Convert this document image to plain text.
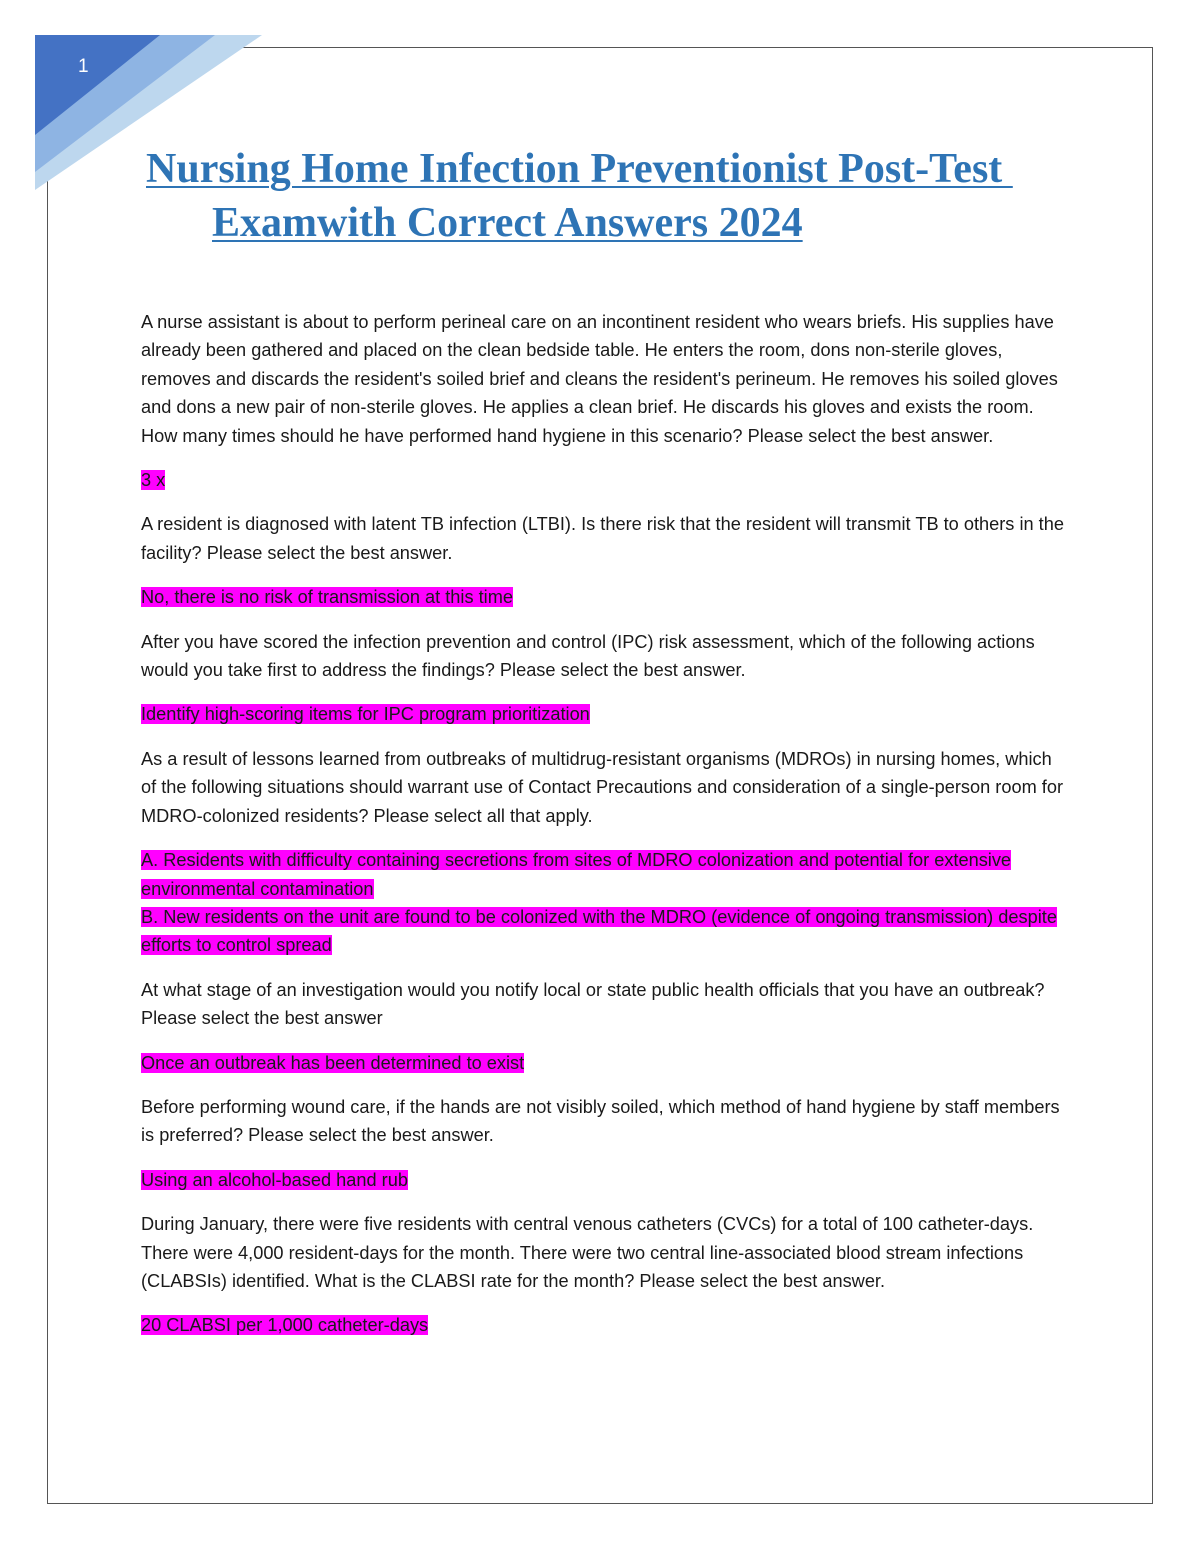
1
Nursing Home Infection Preventionist Post-Test
Examwith Correct Answers 2024

A nurse assistant is about to perform perineal care on an incontinent resident who wears briefs. His supplies have already been gathered and placed on the clean bedside table. He enters the room, dons non-sterile gloves, removes and discards the resident's soiled brief and cleans the resident's perineum. He removes his soiled gloves and dons a new pair of non-sterile gloves. He applies a clean brief. He discards his gloves and exists the room. How many times should he have performed hand hygiene in this scenario? Please select the best answer.

3 x

A resident is diagnosed with latent TB infection (LTBI). Is there risk that the resident will transmit TB to others in the facility? Please select the best answer.

No, there is no risk of transmission at this time

After you have scored the infection prevention and control (IPC) risk assessment, which of the following actions would you take first to address the findings? Please select the best answer.

Identify high-scoring items for IPC program prioritization

As a result of lessons learned from outbreaks of multidrug-resistant organisms (MDROs) in nursing homes, which of the following situations should warrant use of Contact Precautions and consideration of a single-person room for MDRO-colonized residents? Please select all that apply.

A. Residents with difficulty containing secretions from sites of MDRO colonization and potential for extensive environmental contamination
B. New residents on the unit are found to be colonized with the MDRO (evidence of ongoing transmission) despite efforts to control spread

At what stage of an investigation would you notify local or state public health officials that you have an outbreak? Please select the best answer

Once an outbreak has been determined to exist

Before performing wound care, if the hands are not visibly soiled, which method of hand hygiene by staff members is preferred? Please select the best answer.

Using an alcohol-based hand rub

During January, there were five residents with central venous catheters (CVCs) for a total of 100 catheter-days. There were 4,000 resident-days for the month. There were two central line-associated blood stream infections (CLABSIs) identified. What is the CLABSI rate for the month? Please select the best answer.

20 CLABSI per 1,000 catheter-days
